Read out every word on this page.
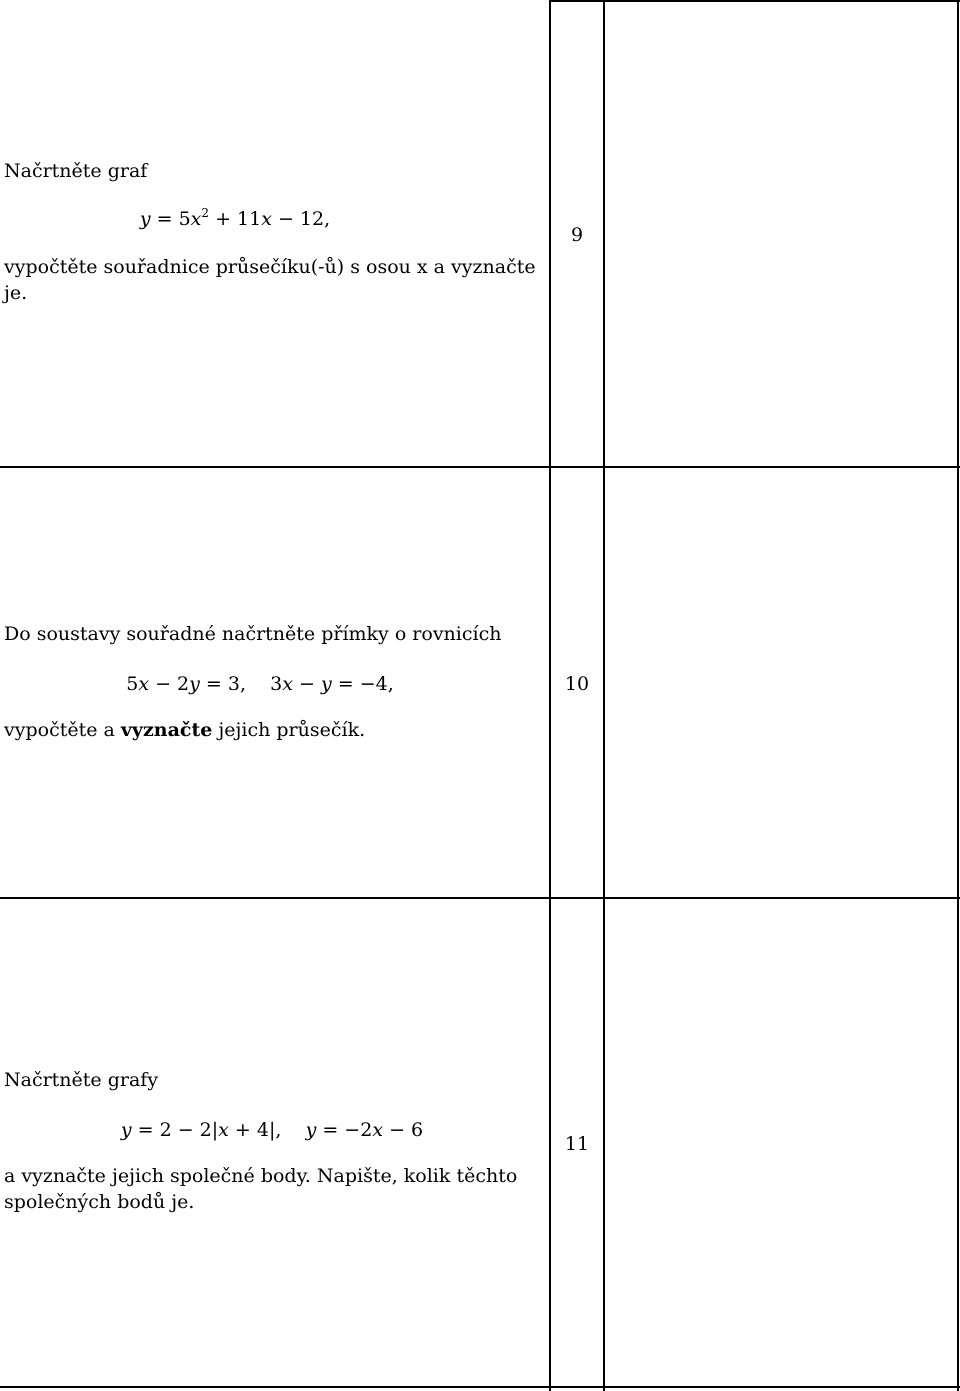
Načrtněte graf

$y = 5x^2 + 11x - 12$,

vypočtěte souřadnice průsečíku(-ů) s osou x a vyznačte je.

9

Do soustavy souřadné načrtněte přímky o rovnicích

5x − 2y = 3,    3x − y = −4,

vypočtěte a vyznačte jejich průsečík.

10

Načrtněte grafy

y = 2 − 2|x + 4|,    y = −2x − 6

a vyznačte jejich společné body. Napište, kolik těchto společných bodů je.

11
